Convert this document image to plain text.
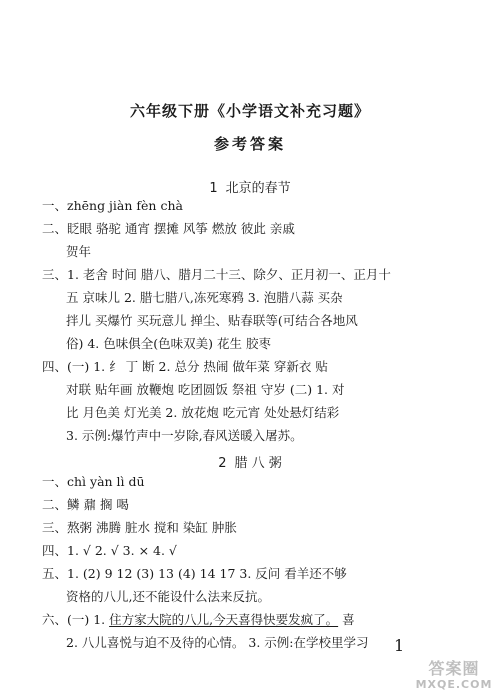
六年级下册《小学语文补充习题》
参考答案
1 北京的春节
一、zhēng jiàn fèn chà
二、眨眼 骆驼 通宵 摆摊 风筝 燃放 彼此 亲戚
贺年
三、1. 老舍 时间 腊八、腊月二十三、除夕、正月初一、正月十
五 京味儿 2. 腊七腊八,冻死寒鸦 3. 泡腊八蒜 买杂
拌儿 买爆竹 买玩意儿 掸尘、贴春联等(可结合各地风
俗) 4. 色味俱全(色味双美) 花生 胶枣
四、(一) 1. 纟 丁 断 2. 总分 热闹 做年菜 穿新衣 贴
对联 贴年画 放鞭炮 吃团圆饭 祭祖 守岁 (二) 1. 对
比 月色美 灯光美 2. 放花炮 吃元宵 处处悬灯结彩
3. 示例:爆竹声中一岁除,春风送暖入屠苏。
2 腊 八 粥
一、chì yàn lì dū
二、鳞 鼐 搁 喝
三、熬粥 沸腾 脏水 搅和 染缸 肿胀
四、1. √ 2. √ 3. × 4. √
五、1. (2) 9 12 (3) 13 (4) 14 17 3. 反问 看羊还不够
资格的八儿,还不能设什么法来反抗。
六、(一) 1. 住方家大院的八儿,今天喜得快要发疯了。 喜
2. 八儿喜悦与迫不及待的心情。 3. 示例:在学校里学习	1
答案圈
MXQE.COM
